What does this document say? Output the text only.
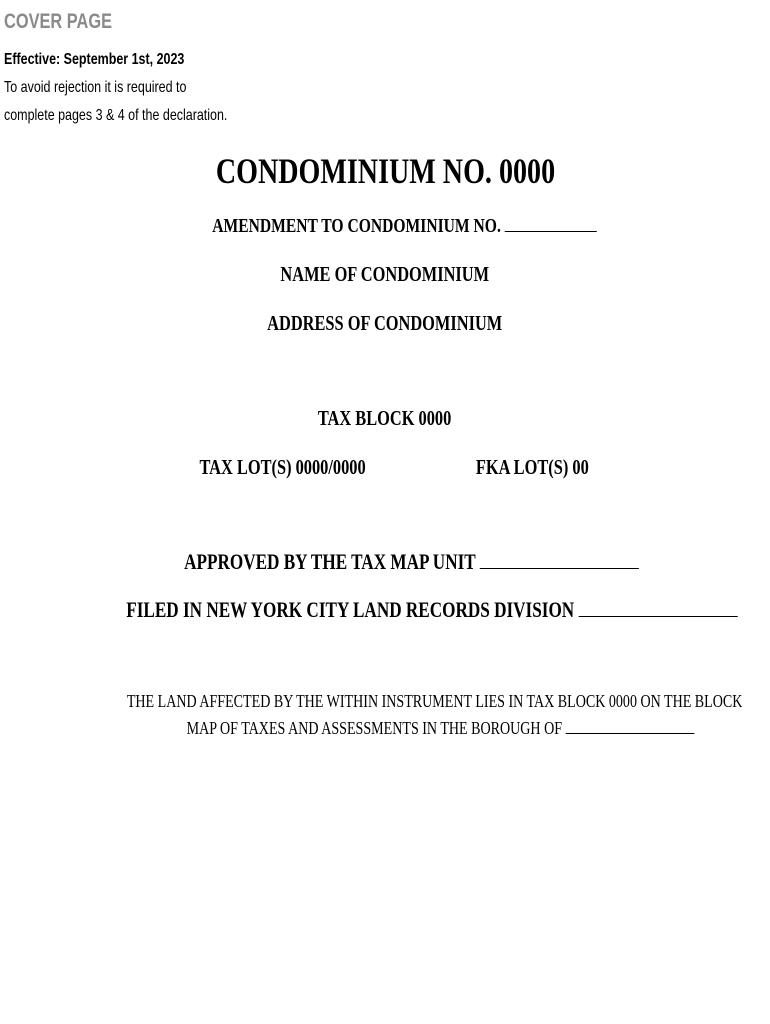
COVER PAGE
Effective: September 1st, 2023
To avoid rejection it is required to
complete pages 3 & 4 of the declaration.
CONDOMINIUM NO. 0000
AMENDMENT TO CONDOMINIUM NO.
NAME OF CONDOMINIUM
ADDRESS OF CONDOMINIUM
TAX BLOCK 0000
TAX LOT(S) 0000/0000	FKA LOT(S) 00
APPROVED BY THE TAX MAP UNIT
FILED IN NEW YORK CITY LAND RECORDS DIVISION
THE LAND AFFECTED BY THE WITHIN INSTRUMENT LIES IN TAX BLOCK 0000 ON THE BLOCK
MAP OF TAXES AND ASSESSMENTS IN THE BOROUGH OF
